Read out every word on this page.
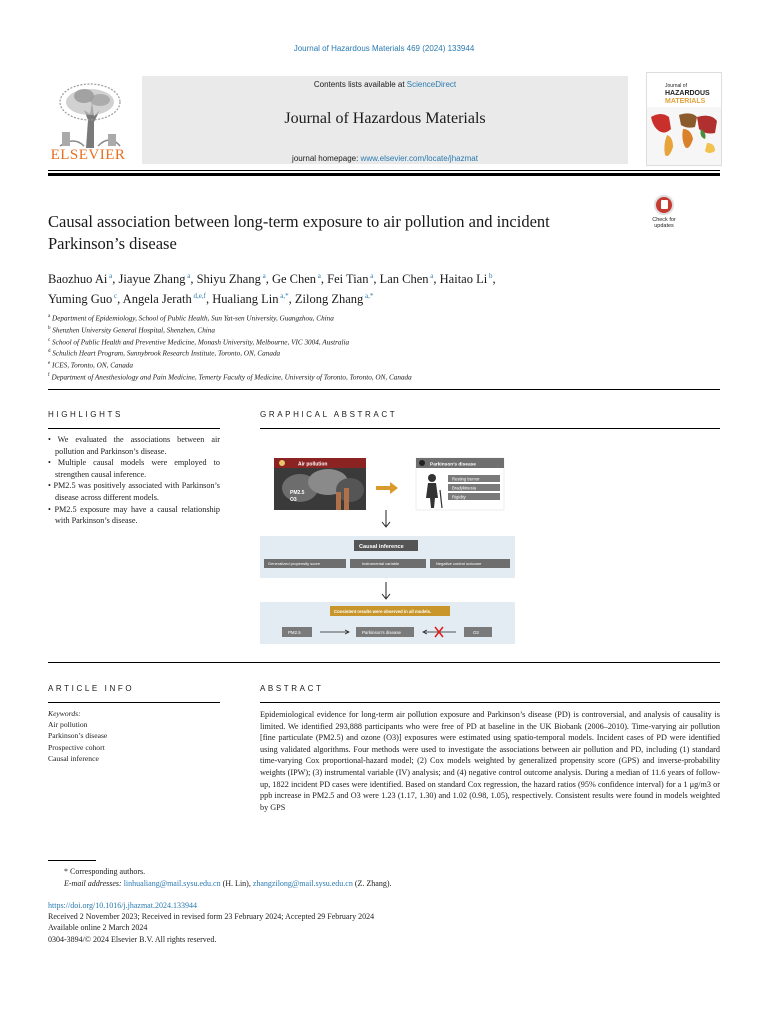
Journal of Hazardous Materials 469 (2024) 133944
ELSEVIER
Contents lists available at ScienceDirect
Journal of Hazardous Materials
journal homepage: www.elsevier.com/locate/jhazmat
Journal of
HAZARDOUS
MATERIALS
Causal association between long-term exposure to air pollution and incident Parkinson’s disease
Check for updates
Baozhuo Ai $^a$, Jiayue Zhang $^a$, Shiyu Zhang $^a$, Ge Chen $^a$, Fei Tian $^a$, Lan Chen $^a$, Haitao Li $^b$,
Yuming Guo $^c$, Angela Jerath $^{d,e,f}$, Hualiang Lin $^{a,*}$, Zilong Zhang $^{a,*}$
$^a$ Department of Epidemiology, School of Public Health, Sun Yat-sen University, Guangzhou, China
$^b$ Shenzhen University General Hospital, Shenzhen, China
$^c$ School of Public Health and Preventive Medicine, Monash University, Melbourne, VIC 3004, Australia
$^d$ Schulich Heart Program, Sunnybrook Research Institute, Toronto, ON, Canada
$^e$ ICES, Toronto, ON, Canada
$^f$ Department of Anesthesiology and Pain Medicine, Temerty Faculty of Medicine, University of Toronto, Toronto, ON, Canada
HIGHLIGHTS

• We evaluated the associations between air pollution and Parkinson’s disease.

• Multiple causal models were employed to strengthen causal inference.

• PM2.5 was positively associated with Parkinson’s disease across different models.

• PM2.5 exposure may have a causal relationship with Parkinson’s disease.

GRAPHICAL ABSTRACT
Air pollution
PM2.5
O3
Parkinson’s disease
Resting tremor
Bradykinesia
Rigidity
Causal inference
Generalized propensity score	Instrumental variable	Negative control outcome
Consistent results were observed in all models.
PM2.5	Parkinson’s disease	O3
ARTICLE INFO
Keywords:
Air pollution
Parkinson’s disease
Prospective cohort
Causal inference
ABSTRACT
Epidemiological evidence for long-term air pollution exposure and Parkinson’s disease (PD) is controversial, and analysis of causality is limited. We identified 293,888 participants who were free of PD at baseline in the UK Biobank (2006–2010). Time-varying air pollution [fine particulate (PM2.5) and ozone (O3)] exposures were estimated using spatio-temporal models. Incident cases of PD were identified using validated algorithms. Four methods were used to investigate the associations between air pollution and PD, including (1) standard time-varying Cox proportional-hazard model; (2) Cox models weighted by generalized propensity score (GPS) and inverse-probability weights (IPW); (3) instrumental variable (IV) analysis; and (4) negative control outcome analysis. During a median of 11.6 years of follow-up, 1822 incident PD cases were identified. Based on standard Cox regression, the hazard ratios (95% confidence interval) for a 1 μg/m3 or ppb increase in PM2.5 and O3 were 1.23 (1.17, 1.30) and 1.02 (0.98, 1.05), respectively. Consistent results were found in models weighted by GPS
* Corresponding authors.
E-mail addresses: linhualiang@mail.sysu.edu.cn (H. Lin), zhangzilong@mail.sysu.edu.cn (Z. Zhang).
https://doi.org/10.1016/j.jhazmat.2024.133944
Received 2 November 2023; Received in revised form 23 February 2024; Accepted 29 February 2024
Available online 2 March 2024
0304-3894/© 2024 Elsevier B.V. All rights reserved.
